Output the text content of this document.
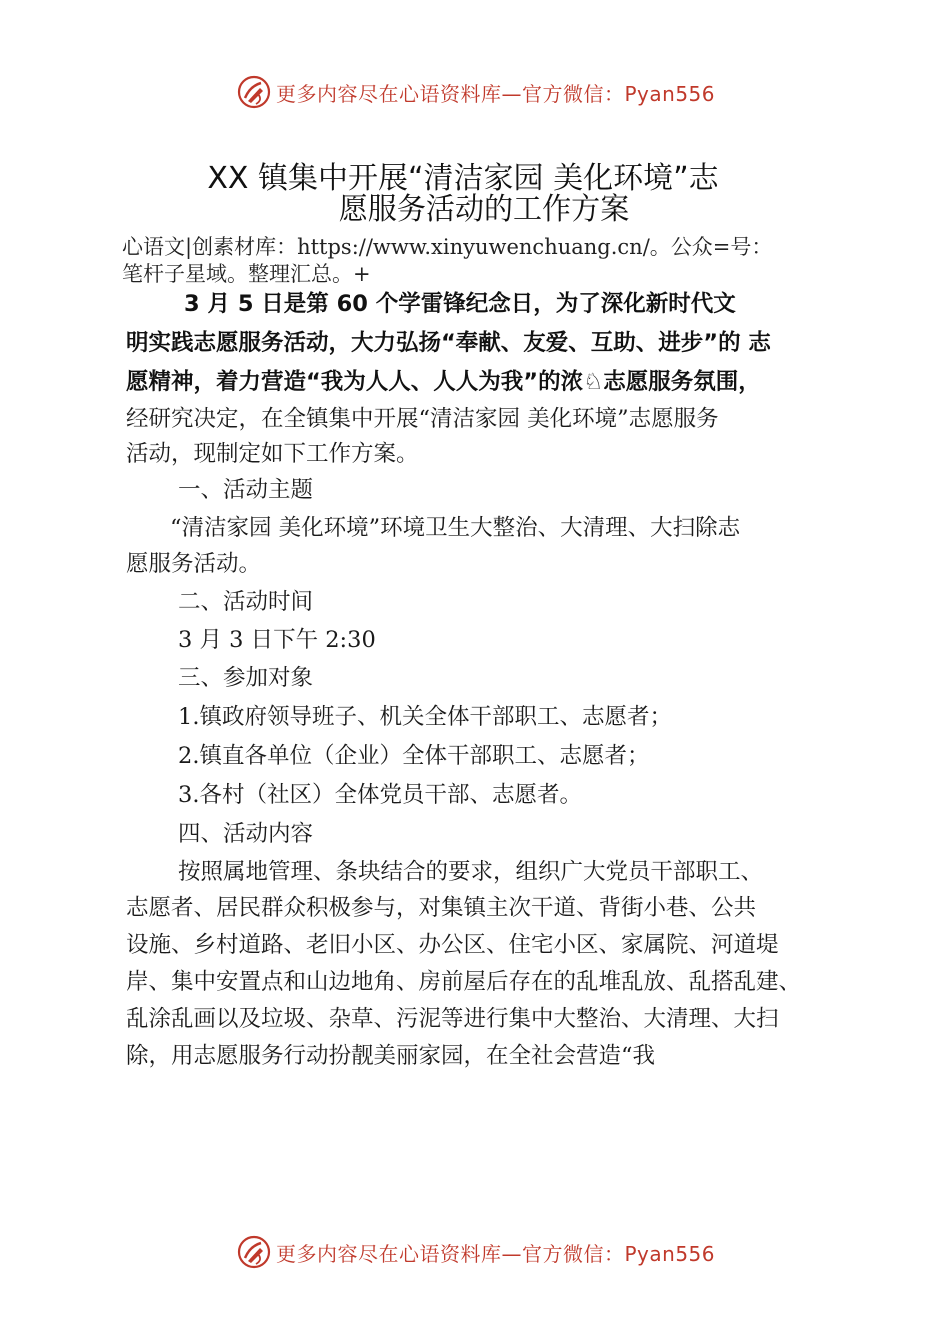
更多内容尽在心语资料库—官方微信：Pyan556
XX 镇集中开展“清洁家园 美化环境”志
愿服务活动的工作方案
心语文|创素材库：https://www.xinyuwenchuang.cn/。公众=号：
笔杆子星域。整理汇总。+
3 月 5 日是第 60 个学雷锋纪念日，为了深化新时代文
明实践志愿服务活动，大力弘扬“奉献、友爱、互助、进步”的 志
愿精神，着力营造“我为人人、人人为我”的浓♘志愿服务氛围，
经研究决定，在全镇集中开展“清洁家园 美化环境”志愿服务
活动，现制定如下工作方案。
一、活动主题
“清洁家园 美化环境”环境卫生大整治、大清理、大扫除志
愿服务活动。
二、活动时间
3 月 3 日下午 2:30
三、参加对象
1.镇政府领导班子、机关全体干部职工、志愿者；
2.镇直各单位（企业）全体干部职工、志愿者；
3.各村（社区）全体党员干部、志愿者。
四、活动内容
按照属地管理、条块结合的要求，组织广大党员干部职工、
志愿者、居民群众积极参与，对集镇主次干道、背街小巷、公共
设施、乡村道路、老旧小区、办公区、住宅小区、家属院、河道堤
岸、集中安置点和山边地角、房前屋后存在的乱堆乱放、乱搭乱建、
乱涂乱画以及垃圾、杂草、污泥等进行集中大整治、大清理、大扫
除，用志愿服务行动扮靓美丽家园，在全社会营造“我
更多内容尽在心语资料库—官方微信：Pyan556
